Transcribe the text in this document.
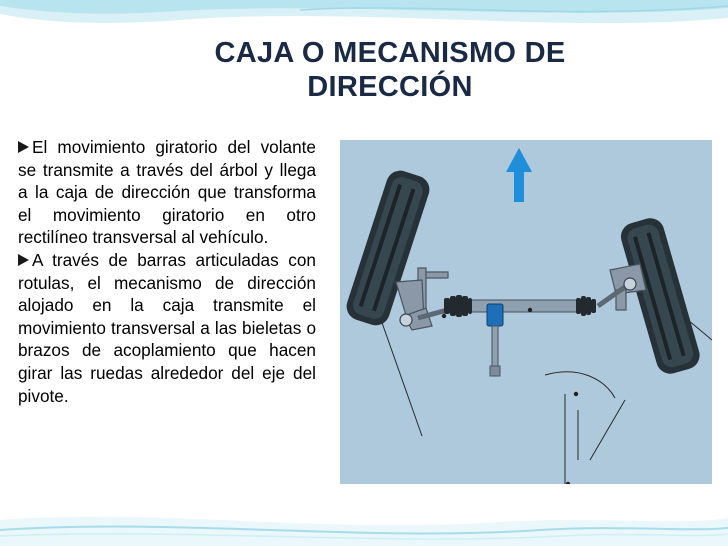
CAJA O MECANISMO DE
DIRECCIÓN

El movimiento giratorio del volante se transmite a través del árbol y llega a la caja de dirección que transforma el movimiento giratorio en otro rectilíneo transversal al vehículo.

A través de barras articuladas con rotulas, el mecanismo de dirección alojado en la caja transmite el movimiento transversal a las bieletas o brazos de acoplamiento que hacen girar las ruedas alrededor del eje del pivote.
